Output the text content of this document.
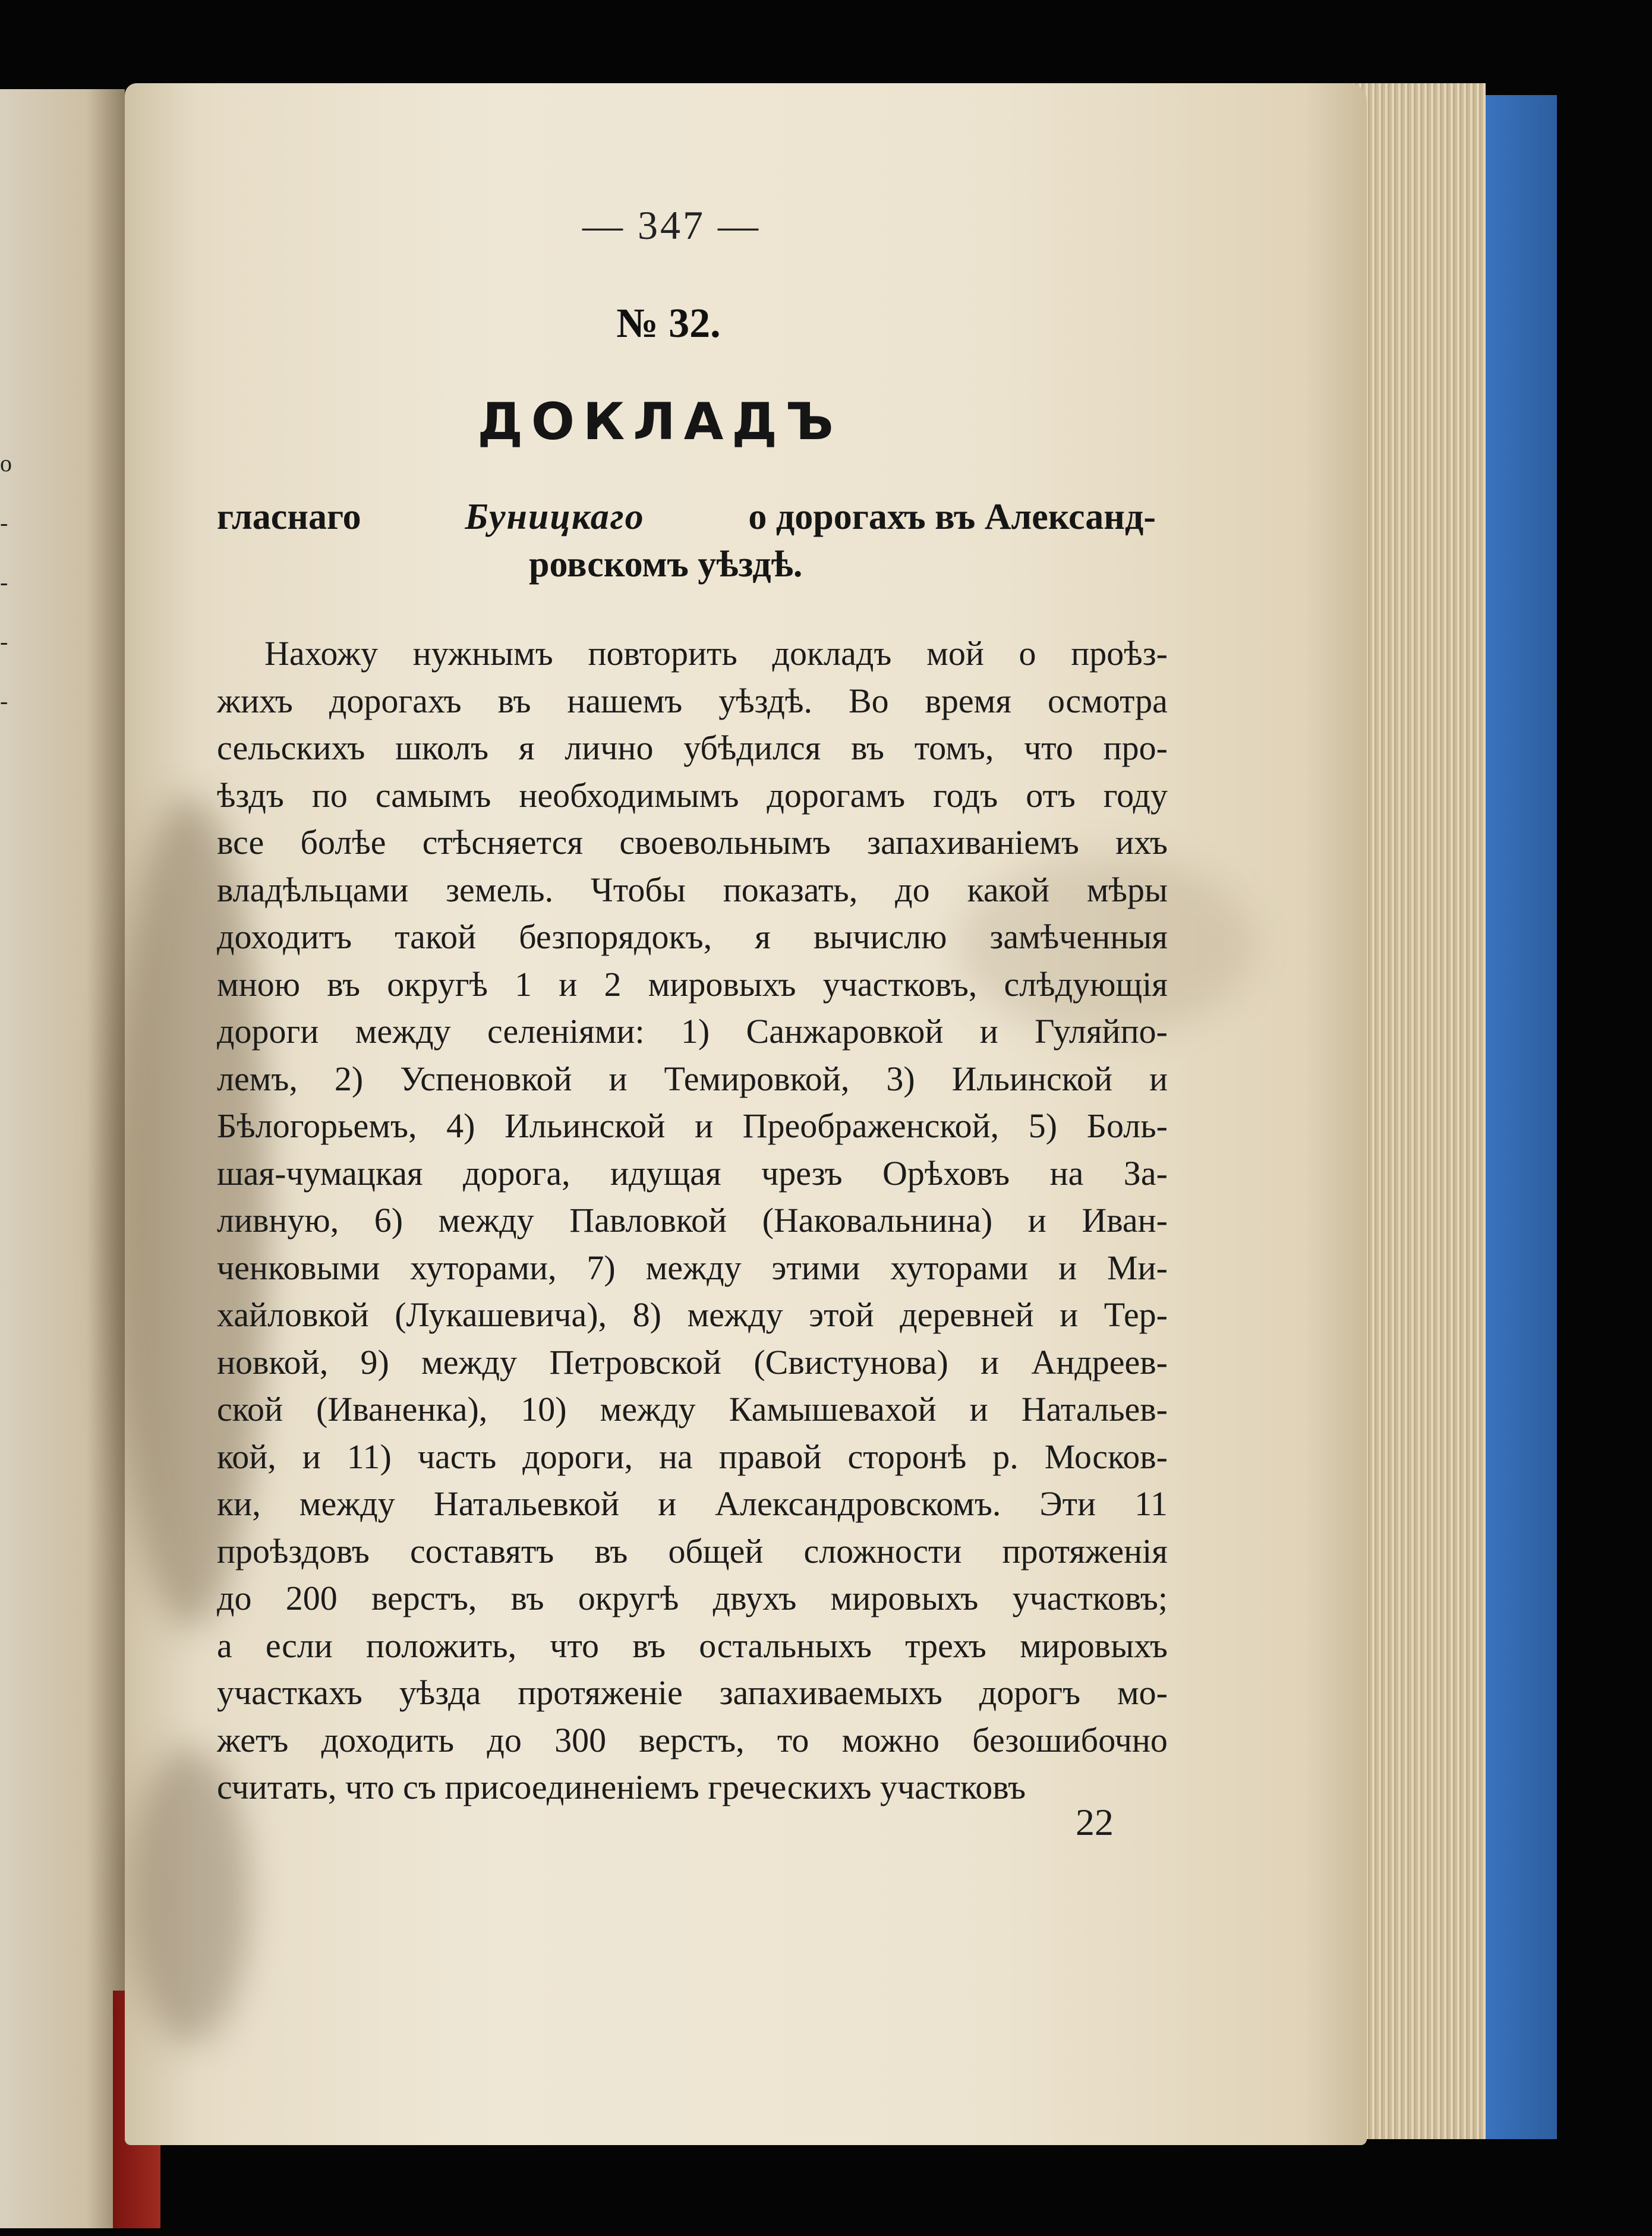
о
-
-
-
-
— 347 —
№ 32.
ДОКЛАДЪ
гласнаго	Буницкаго	о дорогахъ въ Александ-
ровскомъ уѣздѣ.
Нахожу нужнымъ повторить докладъ мой о проѣз-
жихъ дорогахъ въ нашемъ уѣздѣ. Во время осмотра
сельскихъ школъ я лично убѣдился въ томъ, что про-
ѣздъ по самымъ необходимымъ дорогамъ годъ отъ году
все болѣе стѣсняется своевольнымъ запахиваніемъ ихъ
владѣльцами земель. Чтобы показать, до какой мѣры
доходитъ такой безпорядокъ, я вычислю замѣченныя
мною въ округѣ 1 и 2 мировыхъ участковъ, слѣдующія
дороги между селеніями: 1) Санжаровкой и Гуляйпо-
лемъ, 2) Успеновкой и Темировкой, 3) Ильинской и
Бѣлогорьемъ, 4) Ильинской и Преображенской, 5) Боль-
шая-чумацкая дорога, идущая чрезъ Орѣховъ на За-
ливную, 6) между Павловкой (Наковальнина) и Иван-
ченковыми хуторами, 7) между этими хуторами и Ми-
хайловкой (Лукашевича), 8) между этой деревней и Тер-
новкой, 9) между Петровской (Свистунова) и Андреев-
ской (Иваненка), 10) между Камышевахой и Натальев-
кой, и 11) часть дороги, на правой сторонѣ р. Москов-
ки, между Натальевкой и Александровскомъ. Эти 11
проѣздовъ составятъ въ общей сложности протяженія
до 200 верстъ, въ округѣ двухъ мировыхъ участковъ;
а если положить, что въ остальныхъ трехъ мировыхъ
участкахъ уѣзда протяженіе запахиваемыхъ дорогъ мо-
жетъ доходить до 300 верстъ, то можно безошибочно
считать, что съ присоединеніемъ греческихъ участковъ
22
